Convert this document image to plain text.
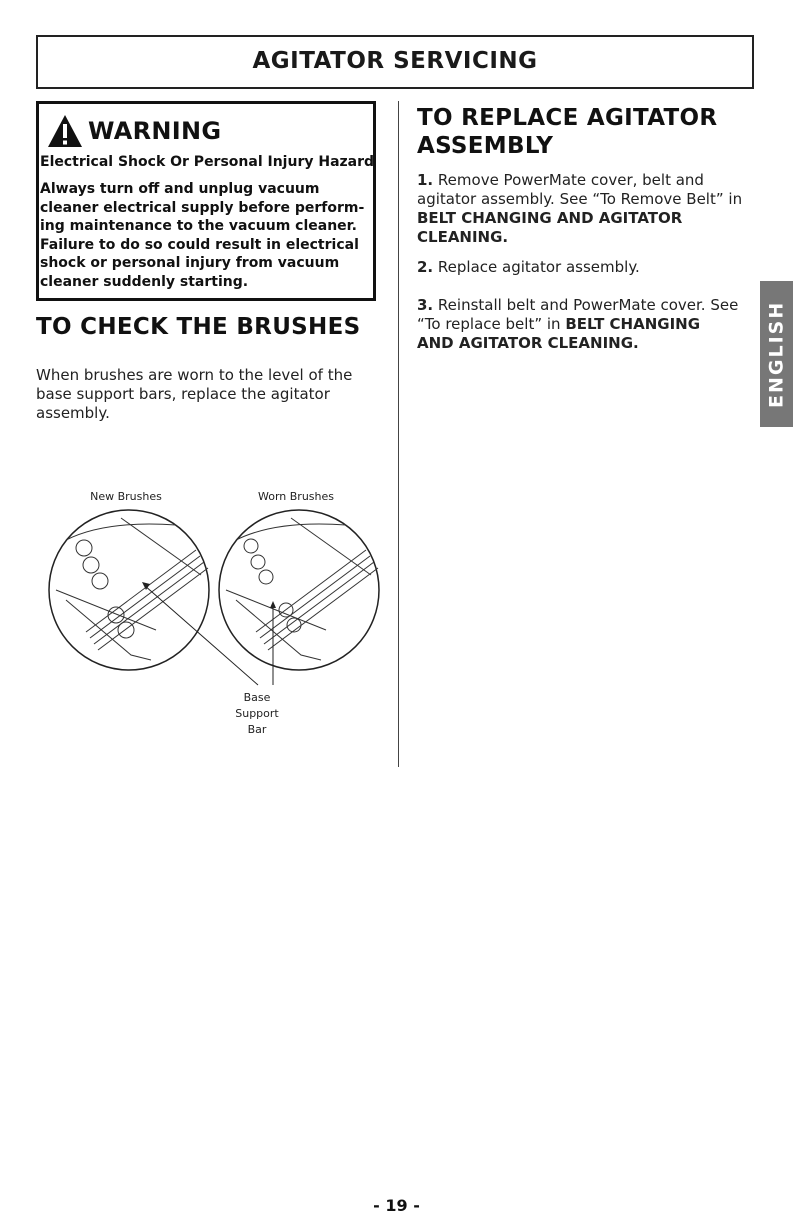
AGITATOR SERVICING
WARNING
Electrical Shock Or Personal Injury Hazard
Always turn off and unplug vacuum
cleaner electrical supply before perform-
ing maintenance to the vacuum cleaner.
Failure to do so could result in electrical
shock or personal injury from vacuum
cleaner suddenly starting.
TO CHECK THE BRUSHES
When brushes are worn to the level of the
base support bars, replace the agitator
assembly.
New Brushes	Worn Brushes
Base
Support
Bar
TO REPLACE AGITATOR
ASSEMBLY
1. Remove PowerMate cover, belt and
agitator assembly. See “To Remove Belt” in
BELT CHANGING AND AGITATOR
CLEANING.
2. Replace agitator assembly.
3. Reinstall belt and PowerMate cover. See
“To replace belt” in BELT CHANGING
AND AGITATOR CLEANING.	ENGLISH
- 19 -
